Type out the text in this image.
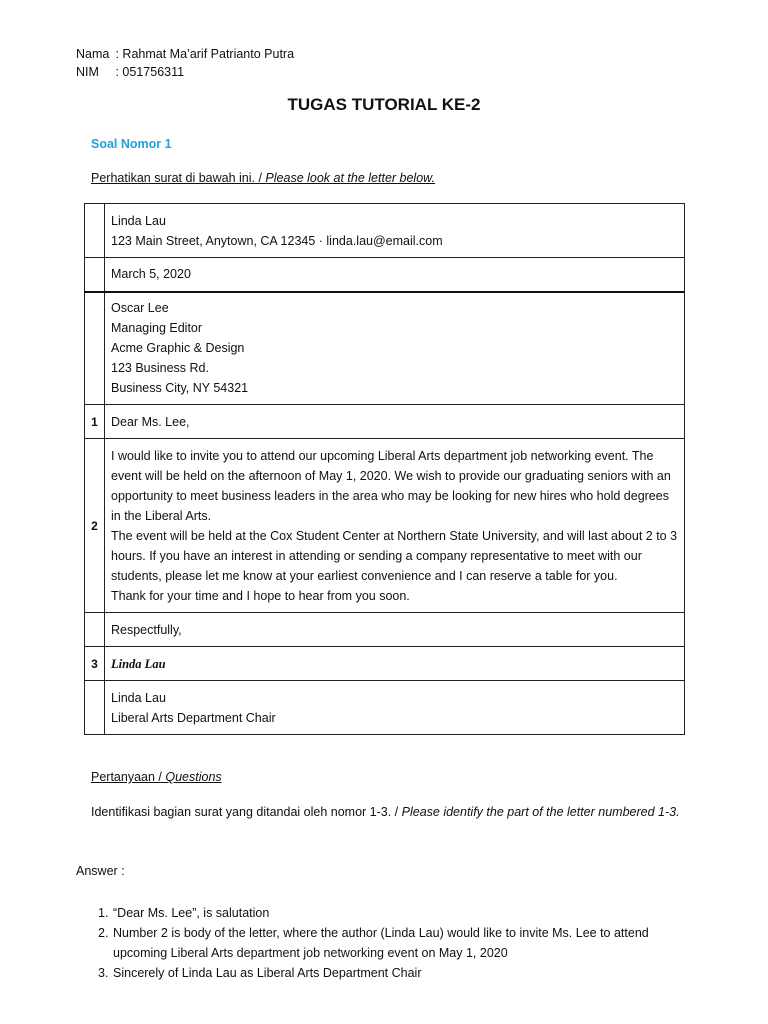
Nama : Rahmat Ma’arif Patrianto Putra
NIM : 051756311
TUGAS TUTORIAL KE-2
Soal Nomor 1
Perhatikan surat di bawah ini. / Please look at the letter below.

	Linda Lau
123 Main Street, Anytown, CA 12345 · linda.lau@email.com

	March 5, 2020

	Oscar Lee
Managing Editor
Acme Graphic & Design
123 Business Rd.
Business City, NY 54321

1	Dear Ms. Lee,
2	I would like to invite you to attend our upcoming Liberal Arts department job networking event. The event will be held on the afternoon of May 1, 2020. We wish to provide our graduating seniors with an opportunity to meet business leaders in the area who may be looking for new hires who hold degrees in the Liberal Arts.
The event will be held at the Cox Student Center at Northern State University, and will last about 2 to 3 hours. If you have an interest in attending or sending a company representative to meet with our students, please let me know at your earliest convenience and I can reserve a table for you.
Thank for your time and I hope to hear from you soon.

	Respectfully,
3	Linda Lau

	Linda Lau
Liberal Arts Department Chair
Pertanyaan / Questions
Identifikasi bagian surat yang ditandai oleh nomor 1-3. / Please identify the part of the letter numbered 1-3.
Answer :
1. “Dear Ms. Lee”, is salutation
2. Number 2 is body of the letter, where the author (Linda Lau) would like to invite Ms. Lee to attend upcoming Liberal Arts department job networking event on May 1, 2020
3. Sincerely of Linda Lau as Liberal Arts Department Chair
